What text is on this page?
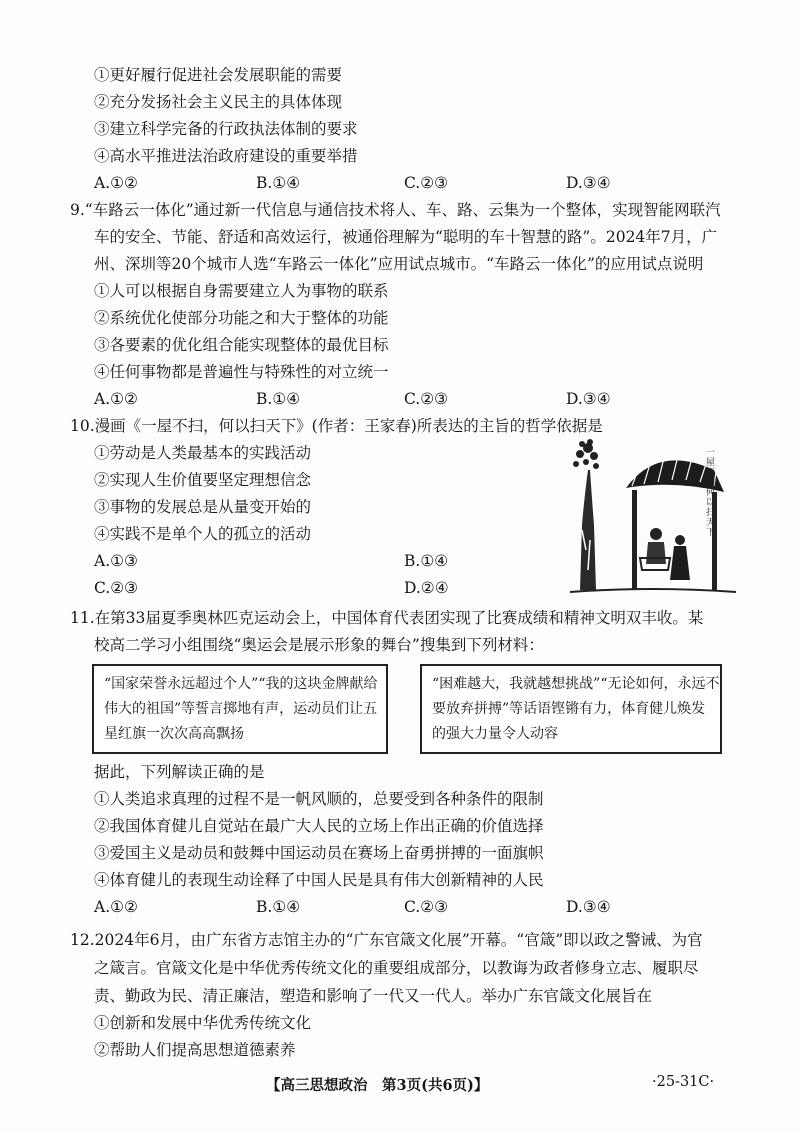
①更好履行促进社会发展职能的需要
②充分发扬社会主义民主的具体体现
③建立科学完备的行政执法体制的要求
④高水平推进法治政府建设的重要举措
A.①②	B.①④	C.②③	D.③④
9.“车路云一体化”通过新一代信息与通信技术将人、车、路、云集为一个整体，实现智能网联汽
车的安全、节能、舒适和高效运行，被通俗理解为“聪明的车十智慧的路”。2024年7月，广
州、深圳等20个城市人选“车路云一体化”应用试点城市。“车路云一体化”的应用试点说明
①人可以根据自身需要建立人为事物的联系
②系统优化使部分功能之和大于整体的功能
③各要素的优化组合能实现整体的最优目标
④任何事物都是普遍性与特殊性的对立统一
A.①②	B.①④	C.②③	D.③④
10.漫画《一屋不扫，何以扫天下》(作者：王家春)所表达的主旨的哲学依据是
①劳动是人类最基本的实践活动
②实现人生价值要坚定理想信念
③事物的发展总是从量变开始的
④实践不是单个人的孤立的活动
A.①③	B.①④
C.②③	D.②④
一屋不扫何以扫天下
11.在第33届夏季奥林匹克运动会上，中国体育代表团实现了比赛成绩和精神文明双丰收。某
校高二学习小组围绕“奥运会是展示形象的舞台”搜集到下列材料：
“国家荣誉永远超过个人”“我的这块金牌献给
伟大的祖国”等誓言掷地有声，运动员们让五
星红旗一次次高高飘扬
“困难越大，我就越想挑战”“无论如何，永远不
要放弃拼搏”等话语铿锵有力，体育健儿焕发
的强大力量令人动容
据此，下列解读正确的是
①人类追求真理的过程不是一帆风顺的，总要受到各种条件的限制
②我国体育健儿自觉站在最广大人民的立场上作出正确的价值选择
③爱国主义是动员和鼓舞中国运动员在赛场上奋勇拼搏的一面旗帜
④体育健儿的表现生动诠释了中国人民是具有伟大创新精神的人民
A.①②	B.①④	C.②③	D.③④
12.2024年6月，由广东省方志馆主办的“广东官箴文化展”开幕。“官箴”即以政之警诫、为官
之箴言。官箴文化是中华优秀传统文化的重要组成部分，以教诲为政者修身立志、履职尽
责、勤政为民、清正廉洁，塑造和影响了一代又一代人。举办广东官箴文化展旨在
①创新和发展中华优秀传统文化
②帮助人们提高思想道德素养
【高三思想政治　第3页(共6页)】	·25-31C·
